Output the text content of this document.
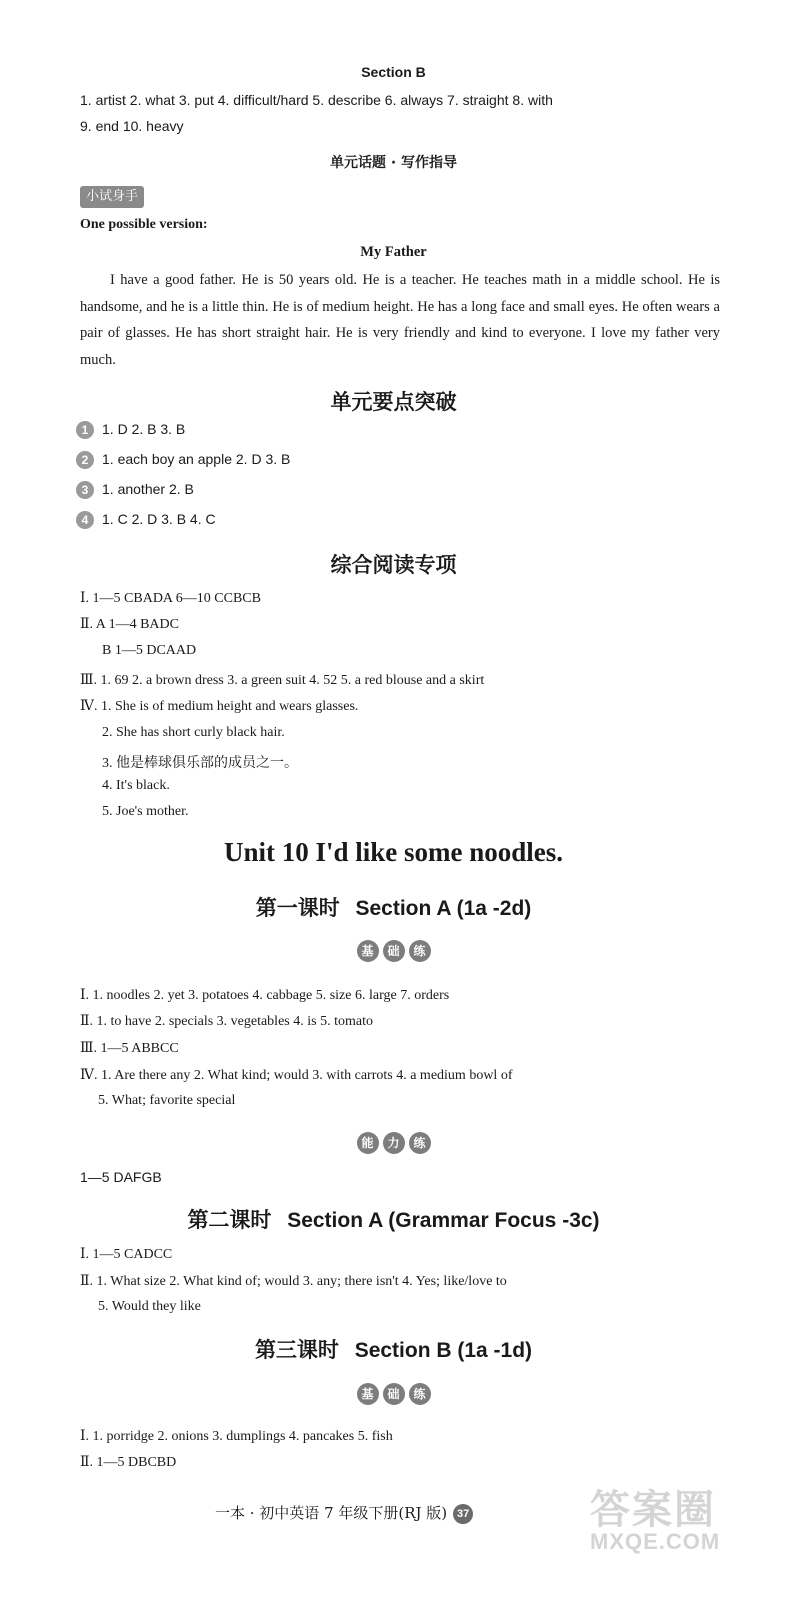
Section B
1. artist 2. what 3. put 4. difficult/hard 5. describe 6. always 7. straight 8. with
9. end 10. heavy
单元话题 · 写作指导
小试身手
One possible version:
My Father
I have a good father. He is 50 years old. He is a teacher. He teaches math in a middle school. He is handsome, and he is a little thin. He is of medium height. He has a long face and small eyes. He often wears a pair of glasses. He has short straight hair. He is very friendly and kind to everyone. I love my father very much.
单元要点突破
1 1. D 2. B 3. B
2 1. each boy an apple 2. D 3. B
3 1. another 2. B
4 1. C 2. D 3. B 4. C
综合阅读专项
Ⅰ. 1—5 CBADA 6—10 CCBCB
Ⅱ. A 1—4 BADC
B 1—5 DCAAD
Ⅲ. 1. 69 2. a brown dress 3. a green suit 4. 52 5. a red blouse and a skirt
Ⅳ. 1. She is of medium height and wears glasses.
2. She has short curly black hair.
3. 他是棒球俱乐部的成员之一。
4. It's black.
5. Joe's mother.
Unit 10 I'd like some noodles.
第一课时 Section A (1a -2d)
基 础 练
Ⅰ. 1. noodles 2. yet 3. potatoes 4. cabbage 5. size 6. large 7. orders
Ⅱ. 1. to have 2. specials 3. vegetables 4. is 5. tomato
Ⅲ. 1—5 ABBCC
Ⅳ. 1. Are there any 2. What kind; would 3. with carrots 4. a medium bowl of
5. What; favorite special
能 力 练
1—5 DAFGB
第二课时 Section A (Grammar Focus -3c)
Ⅰ. 1—5 CADCC
Ⅱ. 1. What size 2. What kind of; would 3. any; there isn't 4. Yes; like/love to
5. Would they like
第三课时 Section B (1a -1d)
基 础 练
Ⅰ. 1. porridge 2. onions 3. dumplings 4. pancakes 5. fish
Ⅱ. 1—5 DBCBD
一本 · 初中英语 7 年级下册(RJ 版) 37	答案圈
MXQE.COM
